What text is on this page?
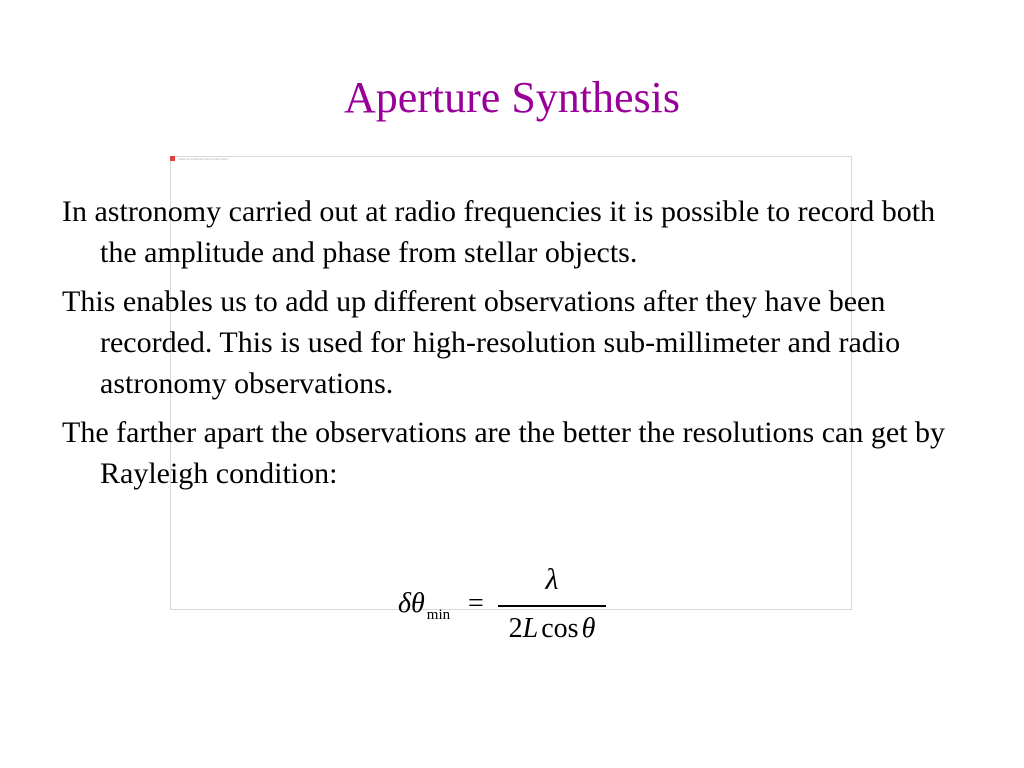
Aperture Synthesis
Aperture Synthesis and interferometry

In astronomy carried out at radio frequencies it is possible to record both the amplitude and phase from stellar objects.

This enables us to add up different observations after they have been recorded. This is used for high-resolution sub-millimeter and radio astronomy observations.

The farther apart the observations are the better the resolutions can get by Rayleigh condition:

δθ $_{min}$ =
λ
2L cos θ
